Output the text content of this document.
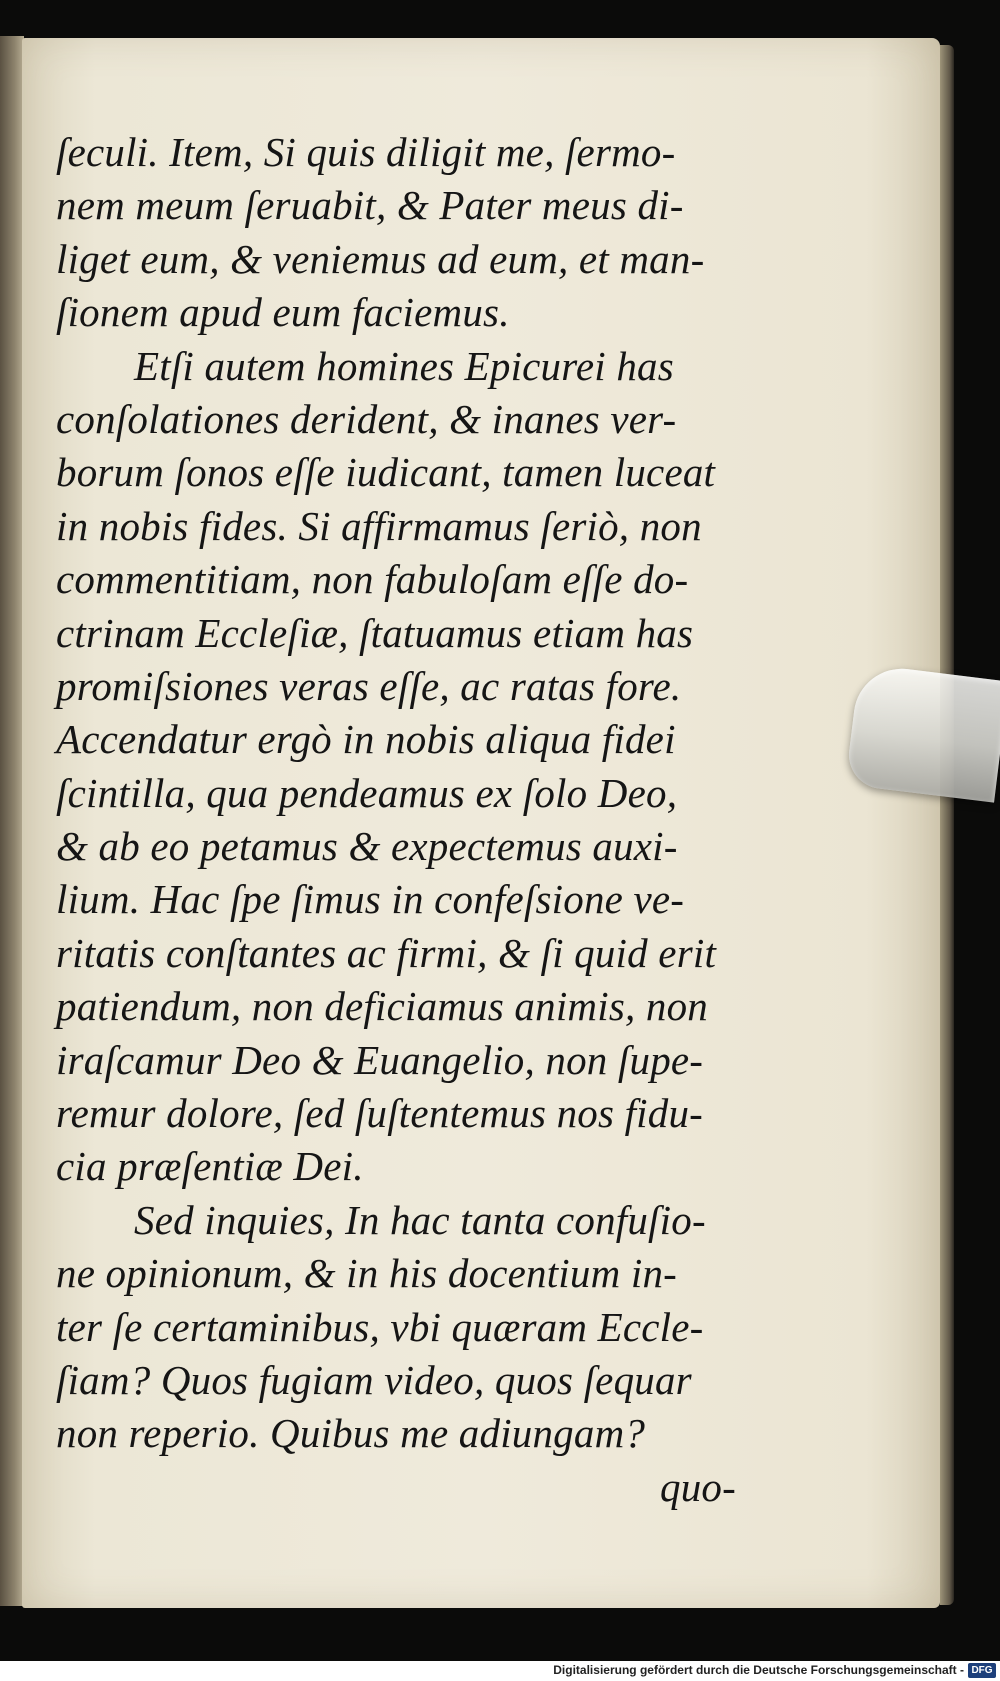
ſeculi. Item, Si quis diligit me, ſermo-
nem meum ſeruabit, & Pater meus di-
liget eum, & veniemus ad eum, et man-
ſionem apud eum faciemus.
Etſi autem homines Epicurei has
conſolationes derident, & inanes ver-
borum ſonos eſſe iudicant, tamen luceat
in nobis fides. Si affirmamus ſeriò, non
commentitiam, non fabuloſam eſſe do-
ctrinam Eccleſiæ, ſtatuamus etiam has
promiſsiones veras eſſe, ac ratas fore.
Accendatur ergò in nobis aliqua fidei
ſcintilla, qua pendeamus ex ſolo Deo,
& ab eo petamus & expectemus auxi-
lium. Hac ſpe ſimus in confeſsione ve-
ritatis conſtantes ac firmi, & ſi quid erit
patiendum, non deficiamus animis, non
iraſcamur Deo & Euangelio, non ſupe-
remur dolore, ſed ſuſtentemus nos fidu-
cia præſentiæ Dei.
Sed inquies, In hac tanta confuſio-
ne opinionum, & in his docentium in-
ter ſe certaminibus, vbi quæram Eccle-
ſiam? Quos fugiam video, quos ſequar
non reperio. Quibus me adiungam?
quo-
Digitalisierung gefördert durch die Deutsche Forschungsgemeinschaft - DFG
